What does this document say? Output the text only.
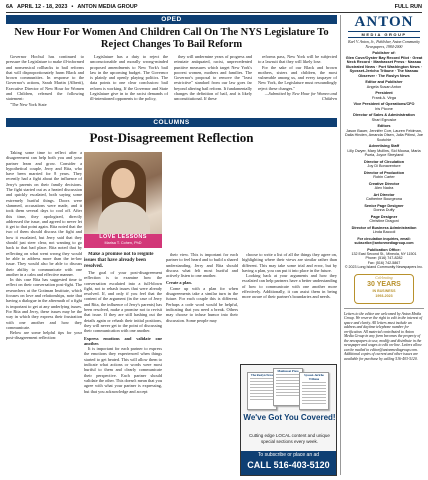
6A APRIL 12 - 18, 2023 • ANTON MEDIA GROUP	FULL RUN
OPED
New Hour For Women And Children Call On The NYS Legislature To Reject Changes To Bail Reform

Governor Hochul has continued to pressure the Legislature to make ill-informed and nonsensical rollbacks to bail reforms that will disproportionately harm Black and brown communities. In response to the Governor's actions, Sarah Martin (Alberti), Executive Director of New Hour for Women and Children, released the following statement:

"The New York State

Legislature has a duty to reject the unconscionable and morally wrong-minded proposed amendments to New York's bail law in the upcoming budget. The Governor is plainly and openly playing politics. The data points to one clear conclusion: bail reform is working. If the Governor and State Legislature give in to the racist demands of ill-intentioned opponents to the policy,

they will undermine years of progress and reinstate antiquated, racist, unprecedented punitive measures which target New York's poorest women, mothers and families. The Governor's proposal to remove the "least restrictive" standard from our law goes far beyond altering bail reform. It fundamentally changes the definition of bail, and is likely unconstitutional. If these

reforms pass, New York will be subjected to a lawsuit that they will likely lose.

For the sake of our Black and brown mothers, sisters and children, the most vulnerable among us, and every taxpayer of New York, the Legislature must resoundingly reject these changes."

—Submitted by New Hour for Women and Children

COLUMNS
Post-Disagreement Reflection

Taking some time to reflect after a disagreement can help both you and your partner learn and grow. Consider a hypothetical couple, Jerry and Rita, who have been married for 8 years. They recently had a fight about the influence of Jerry's parents on their family decisions. The fight started out as a heated discussion and quickly escalated, both saying some extremely hurtful things. Doors were slammed, accusations were made, and it took them several days to cool off. After this time, they apologized, directly addressed the issue, and agreed to never let it get to that point again. Rita noted that the two of them should discuss the fight and how it escalated, but Jerry said that they should just steer clear, not wanting to go back to that bad place. Rita noted that by reflecting on what went wrong they would be able to address more than the in-law issue. They would also be able to discuss their ability to communicate with one another in a calm and effective manner.

In this case Rita has suggested time to reflect on their conversation post-fight. The researchers at the Gottman Institute, which focuses on love and relationships, note that having a dialogue in the aftermath of a fight is important to get at any underlying issues. For Rita and Jerry, these issues may be the way in which they express their frustration with one another and how they communicate.

Below are some helpful tips for your post-disagreement reflection:

LOVE LESSONS
Marisa T. Cohen, PhD

Make a promise not to reignite issues that have already been resolved.

The goal of your post-disagreement reflection is to examine how the conversation escalated into a full-blown fight, not to rehash issues that were already resolved. If, and only if you feel that the content of the argument (in the case of Jerry and Rita, the influence of Jerry's parents) has been resolved, make a promise not to revisit that issue. If they are still hashing out the details again or rehash their initial positions, they will never get to the point of discussing their communication with one another.

Express emotions and validate one another.

It is important for each partner to express the emotions they experienced when things started to get heated. This will allow them to indicate what actions or words were most hurtful to them and clearly communicate their perspective. Each partner should validate the other. This doesn't mean that you agree with what your partner is expressing, but that you acknowledge and accept

their view. This is important for each partner to feel heard and to build a shared understanding. Jerry and Rita should discuss what felt most hurtful and actively listen to one another.

Create a plan.

Come up with a plan for when disagreements take a similar turn in the future. For each couple this is different. Perhaps a code word would be helpful, indicating that you need a break. Others may choose to infuse humor into their discussion. Some people may

choose to write a list of all the things they agree on, highlighting where their views are similar rather than different. This may take some trial and error, but by having a plan, you can put it into place in the future.

Looking back at your arguments and how they escalated can help partners have a better understanding of how to communicate with one another more effectively. Additionally, it can assist them in being more aware of their partner's boundaries and needs.

The Roslyn News
Manhasset Press
Syosset-Jericho Tribune
We've Got You Covered!
Cutting edge LOCAL content and unique special sections every week.
To subscribe or place an ad
CALL 516-403-5120
ANTON
MEDIA GROUP
Karl V. Anton, Jr., Publisher, Anton Community Newspapers, 1984-2000
Publisher of:
Glen Cove/Oyster Bay Record Pilot · Great Neck Record · Manhasset Press · Nassau Illustrated News · Port Washington News · Syosset-Jericho Tribune · The Nassau Observer · The Roslyn News
Editor and Publisher
Angela Susan Anton
President
Frank A. Virga
Vice President of Operations/CFO
Iris Picone
Director of Sales & Administration
Shari Egnoske
Editors
Jason Bauer, Jennifer Corr, Lauren Feldman, Dalia Hinden, Amanda Olsen, Julia Pitinsi, Joe Scotchie
Advertising Staff
Lilly Dwyer, Mary Mullins, Sid Moosa, Maria Pueia, Joyce Streyland
Director of Circulation
Joy Di Bonaventure
Director of Production
Robin Carter
Creative Director
Alex Nadra
Art Director
Catherine Bourgeona
Senior Page Designer
Donna Duffy
Page Designer
Christine Dragoni
Director of Business Administration
Linda Baccoli
For circulation inquiries, email: subscribe@antonmediagroup.com
Publication Office:
132 East Second St., Mineola, NY 11501
Phone: (516) 747-8282
Fax: (516) 742-5867
© 2023 Long Island Community Newspapers Inc.
Celebrating
30 YEARS
IN BUSINESS
1993-2023
Letters to the editor are welcomed by Anton Media Group. We reserve the right to edit in the interest of space and clarity. All letters must include an address and daytime telephone number for verification. All material contributed to Anton Media Group in any form becomes the property of the newspapers to use, modify and distribute in the newspaper and wages to edit on-line. Letters allow can be mailed to editor@antonmediagroup.com. Additional copies of current and other issues are available for purchase by calling 516-403-5120.
